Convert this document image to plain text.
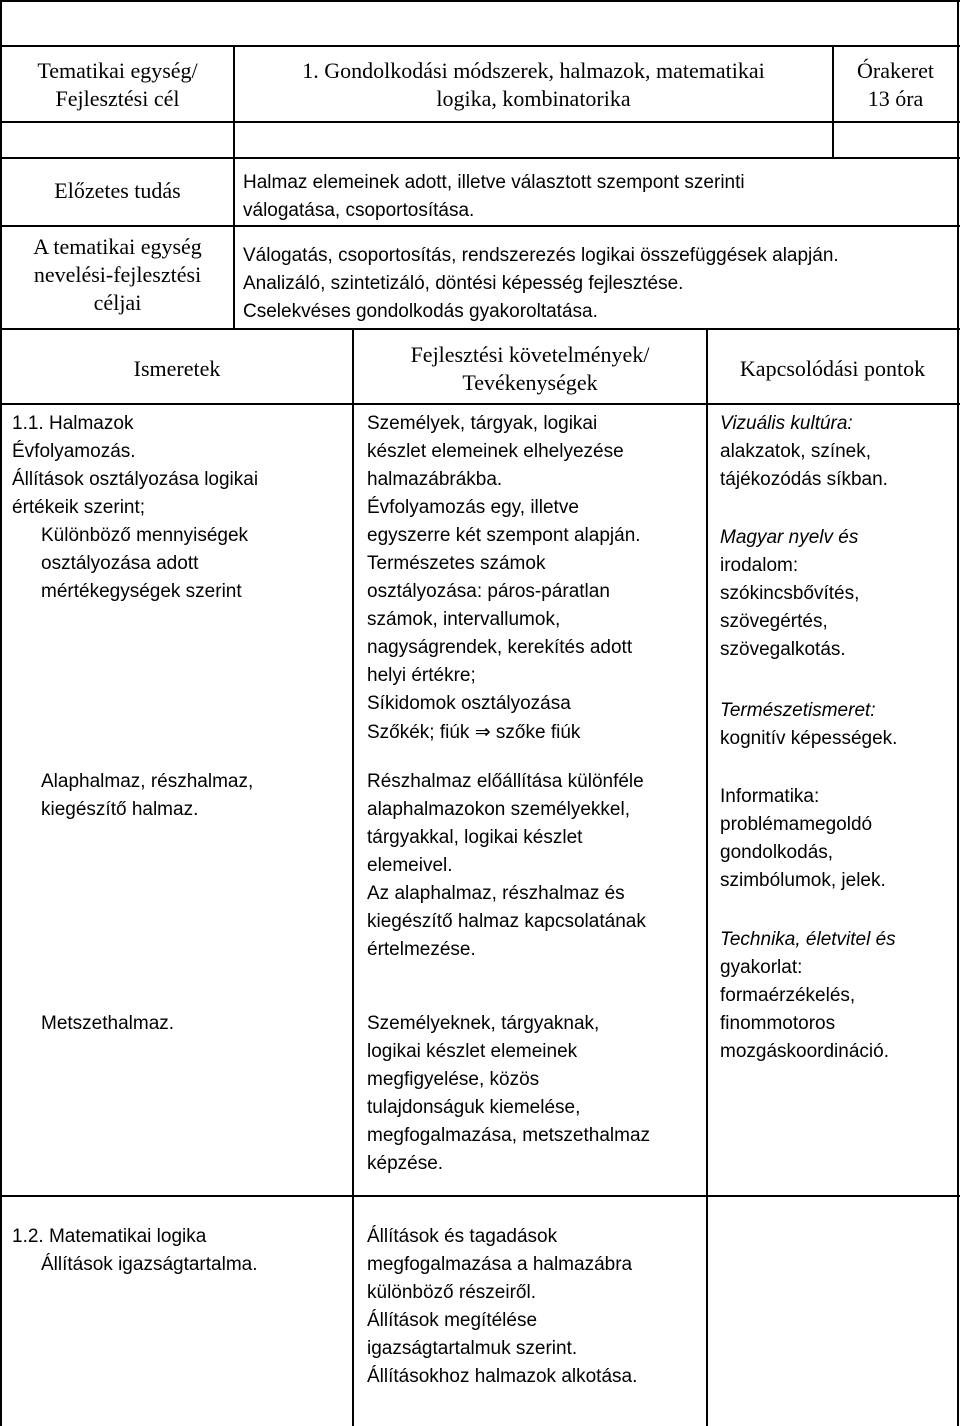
Tematikai egység/
Fejlesztési cél
1. Gondolkodási módszerek, halmazok, matematikai
logika, kombinatorika
Órakeret
13 óra
Előzetes tudás	Halmaz elemeinek adott, illetve választott szempont szerinti
válogatása, csoportosítása.
A tematikai egység
nevelési-fejlesztési
céljai
Válogatás, csoportosítás, rendszerezés logikai összefüggések alapján.
Analizáló, szintetizáló, döntési képesség fejlesztése.
Cselekvéses gondolkodás gyakoroltatása.
Ismeretek
Fejlesztési követelmények/
Tevékenységek
Kapcsolódási pontok
1.1. Halmazok
Évfolyamozás.
Állítások osztályozása logikai
értékeik szerint;
Különböző mennyiségek
osztályozása adott
mértékegységek szerint
Alaphalmaz, részhalmaz,
kiegészítő halmaz.
Metszethalmaz.
1.2. Matematikai logika
Állítások igazságtartalma.
Személyek, tárgyak, logikai
készlet elemeinek elhelyezése
halmazábrákba.
Évfolyamozás egy, illetve
egyszerre két szempont alapján.
Természetes számok
osztályozása: páros-páratlan
számok, intervallumok,
nagyságrendek, kerekítés adott
helyi értékre;
Síkidomok osztályozása
Szőkék; fiúk ⇒ szőke fiúk
Részhalmaz előállítása különféle
alaphalmazokon személyekkel,
tárgyakkal, logikai készlet
elemeivel.
Az alaphalmaz, részhalmaz és
kiegészítő halmaz kapcsolatának
értelmezése.
Személyeknek, tárgyaknak,
logikai készlet elemeinek
megfigyelése, közös
tulajdonságuk kiemelése,
megfogalmazása, metszethalmaz
képzése.
Állítások és tagadások
megfogalmazása a halmazábra
különböző részeiről.
Állítások megítélése
igazságtartalmuk szerint.
Állításokhoz halmazok alkotása.
Vizuális kultúra:
alakzatok, színek,
tájékozódás síkban.
Magyar nyelv és
irodalom:
szókincsbővítés,
szövegértés,
szövegalkotás.
Természetismeret:
kognitív képességek.
Informatika:
problémamegoldó
gondolkodás,
szimbólumok, jelek.
Technika, életvitel és
gyakorlat:
formaérzékelés,
finommotoros
mozgáskoordináció.
